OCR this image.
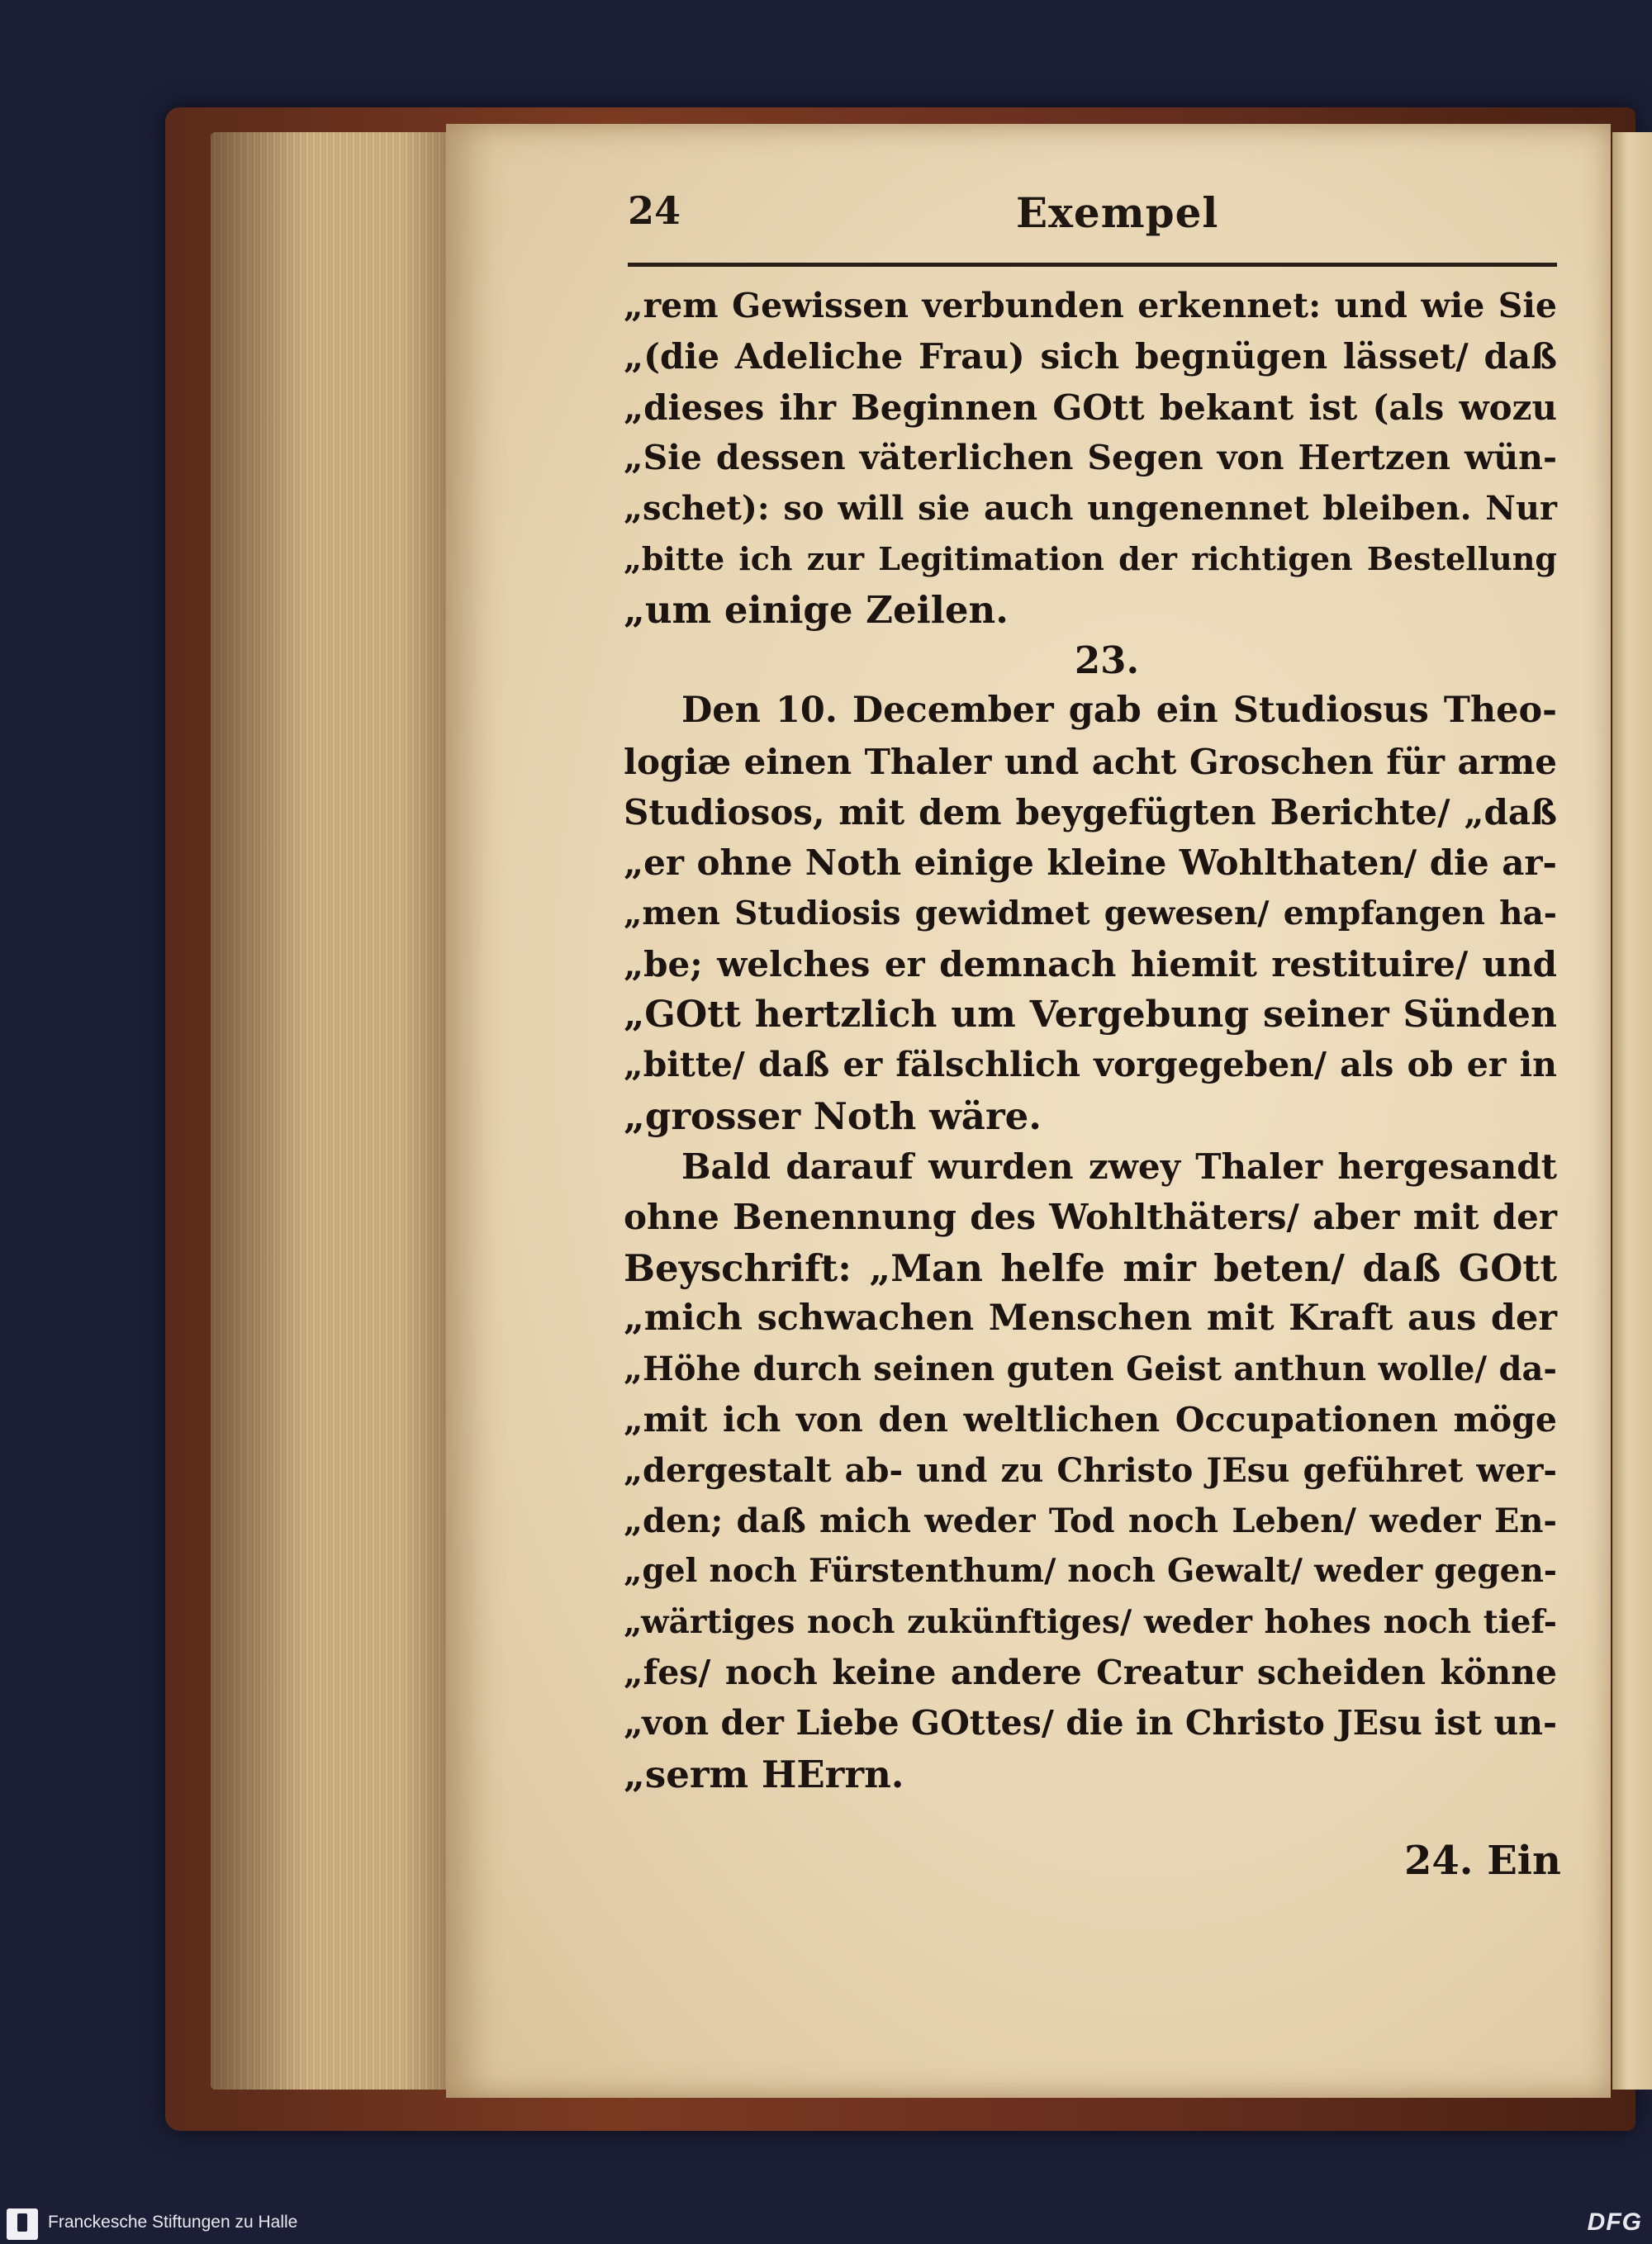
24	Exempel
„rem Gewissen verbunden erkennet: und wie Sie
„(die Adeliche Frau) sich begnügen lässet/ daß
„dieses ihr Beginnen GOtt bekant ist (als wozu
„Sie dessen väterlichen Segen von Hertzen wün-
„schet): so will sie auch ungenennet bleiben. Nur
„bitte ich zur Legitimation der richtigen Bestellung
„um einige Zeilen.
23.
Den 10. December gab ein Studiosus Theo-
logiæ einen Thaler und acht Groschen für arme
Studiosos, mit dem beygefügten Berichte/ „daß
„er ohne Noth einige kleine Wohlthaten/ die ar-
„men Studiosis gewidmet gewesen/ empfangen ha-
„be; welches er demnach hiemit restituire/ und
„GOtt hertzlich um Vergebung seiner Sünden
„bitte/ daß er fälschlich vorgegeben/ als ob er in
„grosser Noth wäre.
Bald darauf wurden zwey Thaler hergesandt
ohne Benennung des Wohlthäters/ aber mit der
Beyschrift: „Man helfe mir beten/ daß GOtt
„mich schwachen Menschen mit Kraft aus der
„Höhe durch seinen guten Geist anthun wolle/ da-
„mit ich von den weltlichen Occupationen möge
„dergestalt ab- und zu Christo JEsu geführet wer-
„den; daß mich weder Tod noch Leben/ weder En-
„gel noch Fürstenthum/ noch Gewalt/ weder gegen-
„wärtiges noch zukünftiges/ weder hohes noch tief-
„fes/ noch keine andere Creatur scheiden könne
„von der Liebe GOttes/ die in Christo JEsu ist un-
„serm HErrn.
24. Ein
Franckesche Stiftungen zu Halle	DFG
